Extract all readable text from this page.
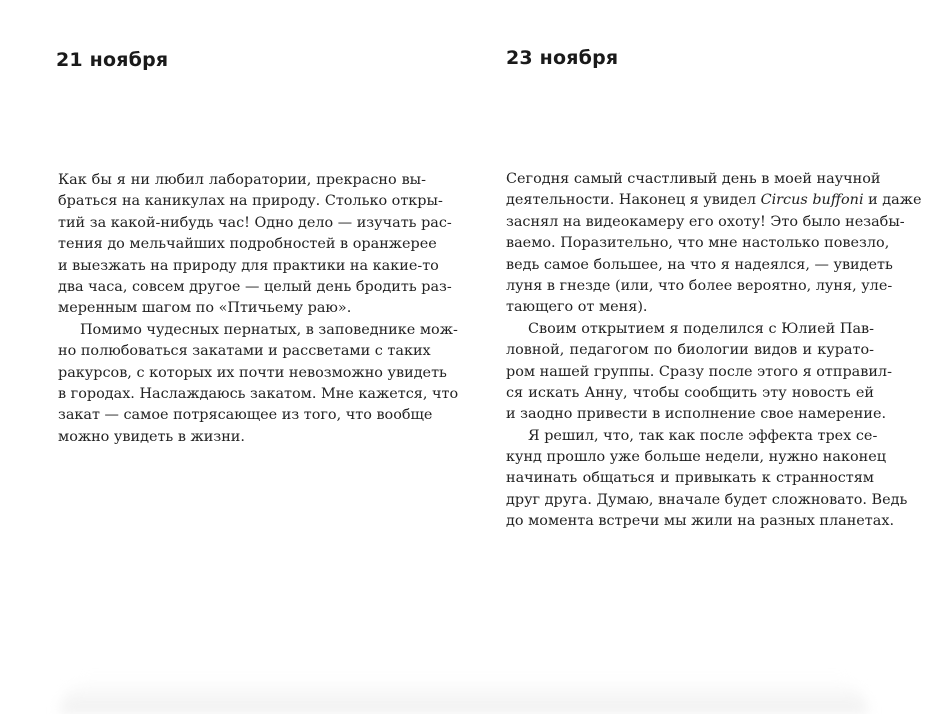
21 ноября
Как бы я ни любил лаборатории, прекрасно вы-
браться на каникулах на природу. Столько откры-
тий за какой-нибудь час! Одно дело — изучать рас-
тения до мельчайших подробностей в оранжерее
и выезжать на природу для практики на какие-то
два часа, совсем другое — целый день бродить раз-
меренным шагом по «Птичьему раю».
Помимо чудесных пернатых, в заповеднике мож-
но полюбоваться закатами и рассветами с таких
ракурсов, с которых их почти невозможно увидеть
в городах. Наслаждаюсь закатом. Мне кажется, что
закат — самое потрясающее из того, что вообще
можно увидеть в жизни.
23 ноября
Сегодня самый счастливый день в моей научной
деятельности. Наконец я увидел Circus buffoni и даже
заснял на видеокамеру его охоту! Это было незабы-
ваемо. Поразительно, что мне настолько повезло,
ведь самое большее, на что я надеялся, — увидеть
луня в гнезде (или, что более вероятно, луня, уле-
тающего от меня).
Своим открытием я поделился с Юлией Пав-
ловной, педагогом по биологии видов и курато-
ром нашей группы. Сразу после этого я отправил-
ся искать Анну, чтобы сообщить эту новость ей
и заодно привести в исполнение свое намерение.
Я решил, что, так как после эффекта трех се-
кунд прошло уже больше недели, нужно наконец
начинать общаться и привыкать к странностям
друг друга. Думаю, вначале будет сложновато. Ведь
до момента встречи мы жили на разных планетах.
